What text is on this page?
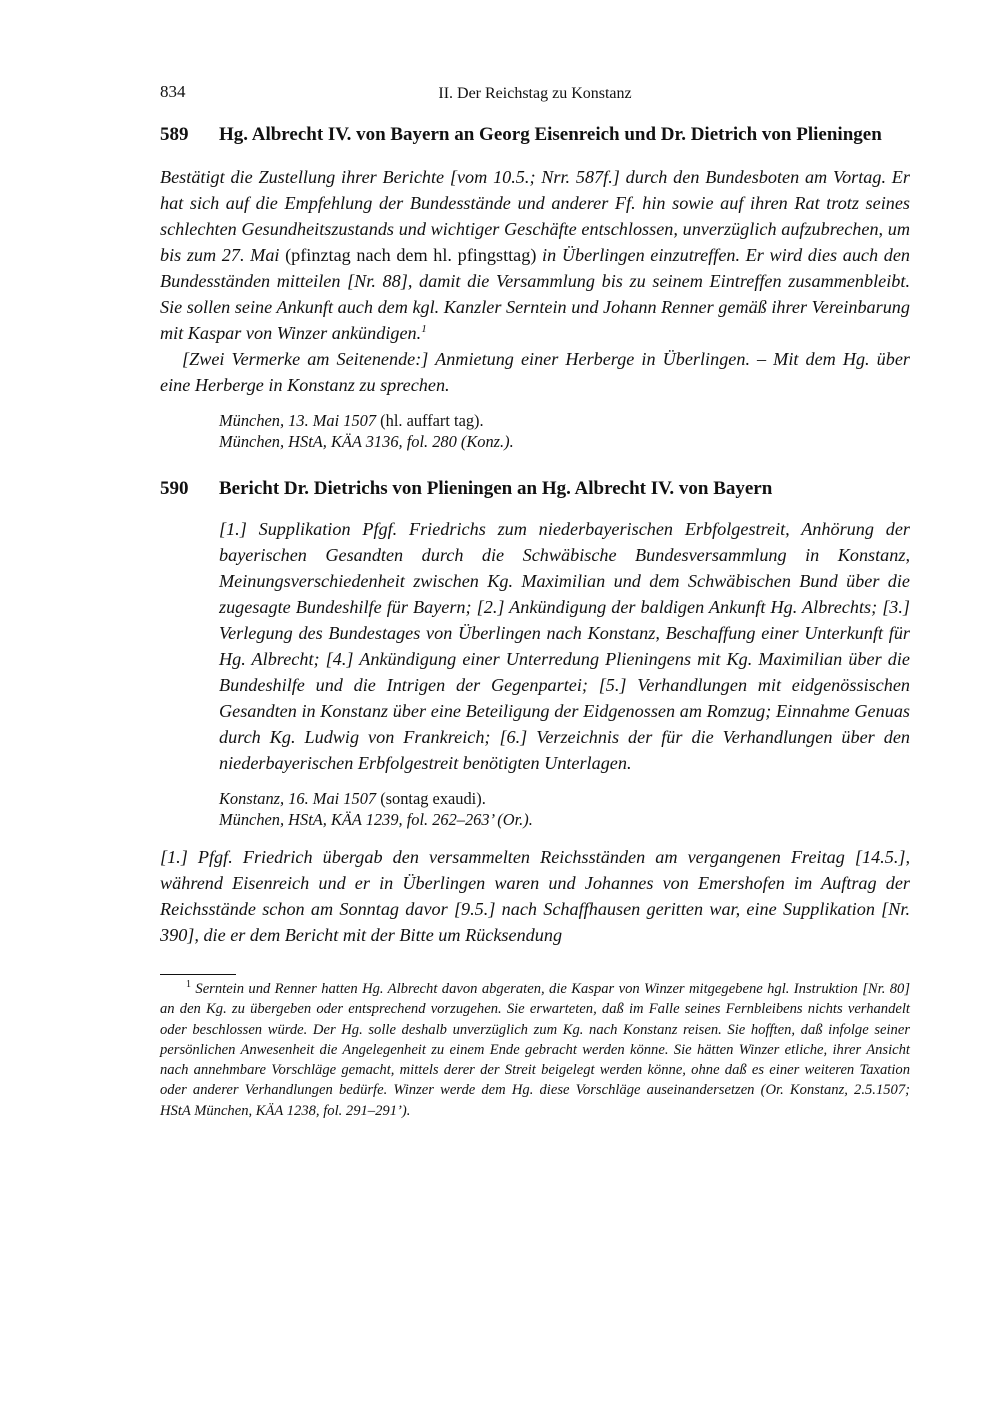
834	II. Der Reichstag zu Konstanz
589	Hg. Albrecht IV. von Bayern an Georg Eisenreich und Dr. Dietrich von Plieningen

Bestätigt die Zustellung ihrer Berichte [vom 10.5.; Nrr. 587f.] durch den Bundesboten am Vortag. Er hat sich auf die Empfehlung der Bundesstände und anderer Ff. hin sowie auf ihren Rat trotz seines schlechten Gesundheitszustands und wichtiger Geschäfte entschlossen, unverzüglich aufzubrechen, um bis zum 27. Mai (pfinztag nach dem hl. pfingsttag) in Überlingen einzutreffen. Er wird dies auch den Bundesständen mitteilen [Nr. 88], damit die Versammlung bis zu seinem Eintreffen zusammenbleibt. Sie sollen seine Ankunft auch dem kgl. Kanzler Serntein und Johann Renner gemäß ihrer Vereinbarung mit Kaspar von Winzer ankündigen.$^1$

[Zwei Vermerke am Seitenende:] Anmietung einer Herberge in Überlingen. – Mit dem Hg. über eine Herberge in Konstanz zu sprechen.

München, 13. Mai 1507 (hl. auffart tag).
München, HStA, KÄA 3136, fol. 280 (Konz.).
590	Bericht Dr. Dietrichs von Plieningen an Hg. Albrecht IV. von Bayern
[1.] Supplikation Pfgf. Friedrichs zum niederbayerischen Erbfolgestreit, Anhörung der bayerischen Gesandten durch die Schwäbische Bundesversammlung in Konstanz, Meinungsverschiedenheit zwischen Kg. Maximilian und dem Schwäbischen Bund über die zugesagte Bundeshilfe für Bayern; [2.] Ankündigung der baldigen Ankunft Hg. Albrechts; [3.] Verlegung des Bundestages von Überlingen nach Konstanz, Beschaffung einer Unterkunft für Hg. Albrecht; [4.] Ankündigung einer Unterredung Plieningens mit Kg. Maximilian über die Bundeshilfe und die Intrigen der Gegenpartei; [5.] Verhandlungen mit eidgenössischen Gesandten in Konstanz über eine Beteiligung der Eidgenossen am Romzug; Einnahme Genuas durch Kg. Ludwig von Frankreich; [6.] Verzeichnis der für die Verhandlungen über den niederbayerischen Erbfolgestreit benötigten Unterlagen.
Konstanz, 16. Mai 1507 (sontag exaudi).
München, HStA, KÄA 1239, fol. 262–263’ (Or.).
[1.] Pfgf. Friedrich übergab den versammelten Reichsständen am vergangenen Freitag [14.5.], während Eisenreich und er in Überlingen waren und Johannes von Emershofen im Auftrag der Reichsstände schon am Sonntag davor [9.5.] nach Schaffhausen geritten war, eine Supplikation [Nr. 390], die er dem Bericht mit der Bitte um Rücksendung
$^1$ Serntein und Renner hatten Hg. Albrecht davon abgeraten, die Kaspar von Winzer mitgegebene hgl. Instruktion [Nr. 80] an den Kg. zu übergeben oder entsprechend vorzugehen. Sie erwarteten, daß im Falle seines Fernbleibens nichts verhandelt oder beschlossen würde. Der Hg. solle deshalb unverzüglich zum Kg. nach Konstanz reisen. Sie hofften, daß infolge seiner persönlichen Anwesenheit die Angelegenheit zu einem Ende gebracht werden könne. Sie hätten Winzer etliche, ihrer Ansicht nach annehmbare Vorschläge gemacht, mittels derer der Streit beigelegt werden könne, ohne daß es einer weiteren Taxation oder anderer Verhandlungen bedürfe. Winzer werde dem Hg. diese Vorschläge auseinandersetzen (Or. Konstanz, 2.5.1507; HStA München, KÄA 1238, fol. 291–291’).
